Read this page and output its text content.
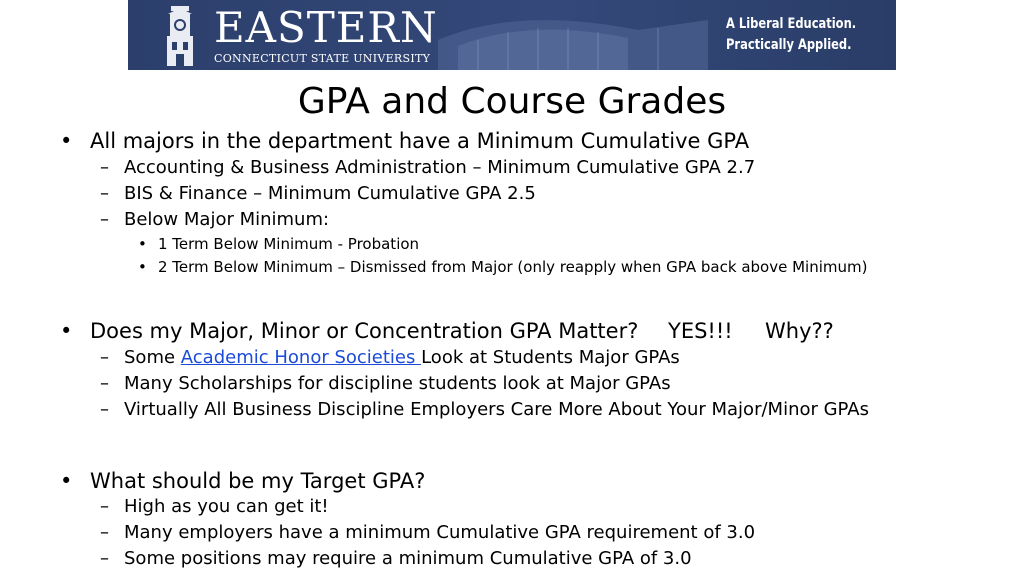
EASTERN
CONNECTICUT STATE UNIVERSITY
A Liberal Education.
Practically Applied.
GPA and Course Grades
• All majors in the department have a Minimum Cumulative GPA
– Accounting & Business Administration – Minimum Cumulative GPA 2.7
– BIS & Finance – Minimum Cumulative GPA 2.5
– Below Major Minimum:
• 1 Term Below Minimum - Probation
• 2 Term Below Minimum – Dismissed from Major (only reapply when GPA back above Minimum)
• Does my Major, Minor or Concentration GPA Matter? YES!!! Why??
– Some Academic Honor Societies Look at Students Major GPAs
– Many Scholarships for discipline students look at Major GPAs
– Virtually All Business Discipline Employers Care More About Your Major/Minor GPAs
• What should be my Target GPA?
– High as you can get it!
– Many employers have a minimum Cumulative GPA requirement of 3.0
– Some positions may require a minimum Cumulative GPA of 3.0
